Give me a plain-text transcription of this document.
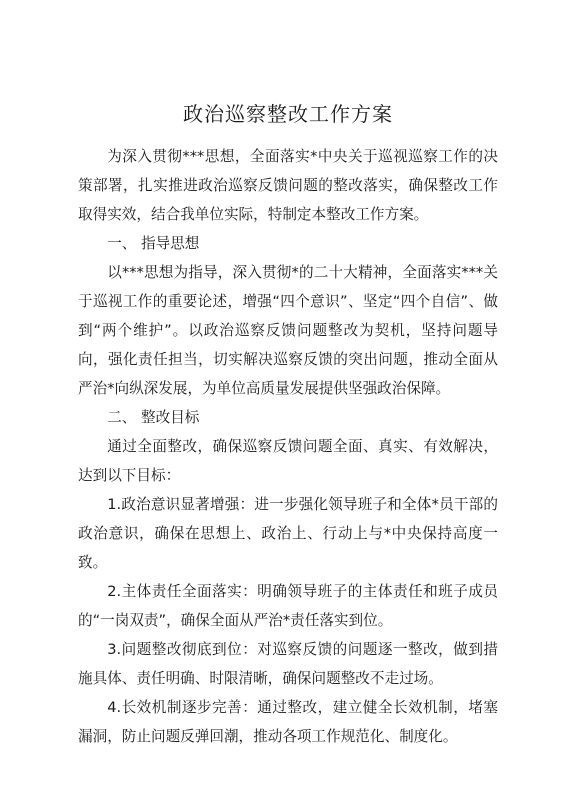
政治巡察整改工作方案

为深入贯彻***思想，全面落实*中央关于巡视巡察工作的决策部署，扎实推进政治巡察反馈问题的整改落实，确保整改工作取得实效，结合我单位实际，特制定本整改工作方案。

一、 指导思想

以***思想为指导，深入贯彻*的二十大精神，全面落实***关于巡视工作的重要论述，增强“四个意识”、坚定“四个自信”、做到“两个维护”。以政治巡察反馈问题整改为契机，坚持问题导向，强化责任担当，切实解决巡察反馈的突出问题，推动全面从严治*向纵深发展，为单位高质量发展提供坚强政治保障。

二、 整改目标

通过全面整改，确保巡察反馈问题全面、真实、有效解决，达到以下目标：

1.政治意识显著增强：进一步强化领导班子和全体*员干部的政治意识，确保在思想上、政治上、行动上与*中央保持高度一致。

2.主体责任全面落实：明确领导班子的主体责任和班子成员的“一岗双责”，确保全面从严治*责任落实到位。

3.问题整改彻底到位：对巡察反馈的问题逐一整改，做到措施具体、责任明确、时限清晰，确保问题整改不走过场。

4.长效机制逐步完善：通过整改，建立健全长效机制，堵塞漏洞，防止问题反弹回潮，推动各项工作规范化、制度化。
